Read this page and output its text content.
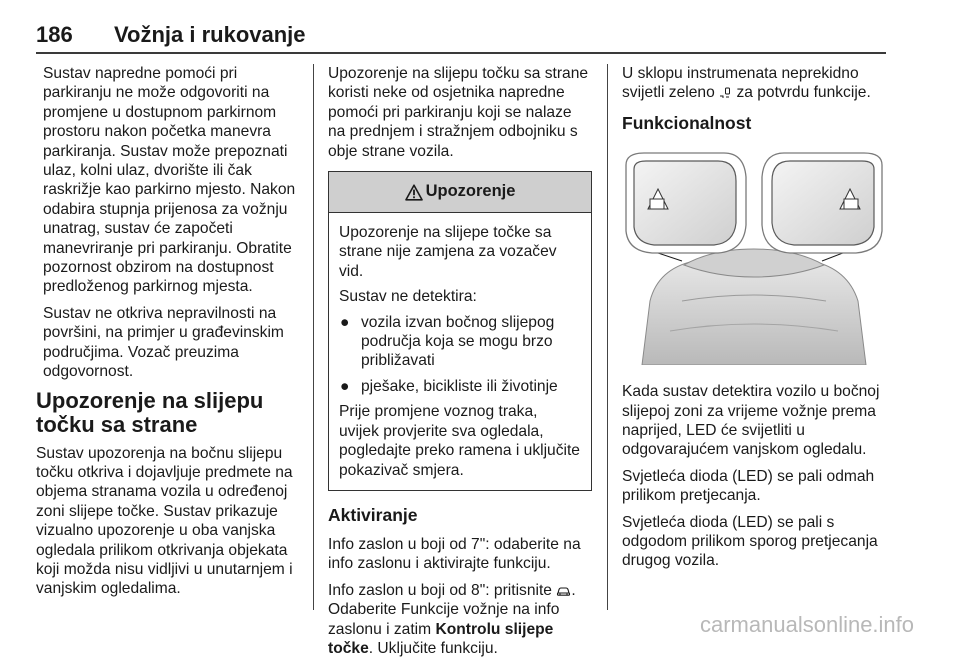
186 Vožnja i rukovanje

Sustav napredne pomoći pri parkiranju ne može odgovoriti na promjene u dostupnom parkirnom prostoru nakon početka manevra parkiranja. Sustav može prepoznati ulaz, kolni ulaz, dvorište ili čak raskrižje kao parkirno mjesto. Nakon odabira stupnja prijenosa za vožnju unatrag, sustav će započeti manevriranje pri parkiranju. Obratite pozornost obzirom na dostupnost predloženog parkirnog mjesta.

Sustav ne otkriva nepravilnosti na površini, na primjer u građevinskim područjima. Vozač preuzima odgovornost.

Upozorenje na slijepu točku sa strane

Sustav upozorenja na bočnu slijepu točku otkriva i dojavljuje predmete na objema stranama vozila u određenoj zoni slijepe točke. Sustav prikazuje vizualno upozorenje u oba vanjska ogledala prilikom otkrivanja objekata koji možda nisu vidljivi u unutarnjem i vanjskim ogledalima.

Upozorenje na slijepu točku sa strane koristi neke od osjetnika napredne pomoći pri parkiranju koji se nalaze na prednjem i stražnjem odbojniku s obje strane vozila.

Upozorenje

Upozorenje na slijepe točke sa strane nije zamjena za vozačev vid.

Sustav ne detektira:

● vozila izvan bočnog slijepog područja koja se mogu brzo približavati
● pješake, bicikliste ili životinje

Prije promjene voznog traka, uvijek provjerite sva ogledala, pogledajte preko ramena i uključite pokazivač smjera.

Aktiviranje

Info zaslon u boji od 7": odaberite na info zaslonu i aktivirajte funkciju.

Info zaslon u boji od 8": pritisnite . Odaberite Funkcije vožnje na info zaslonu i zatim Kontrolu slijepe točke. Uključite funkciju.

U sklopu instrumenata neprekidno svijetli zeleno za potvrdu funkcije.

Funkcionalnost

Kada sustav detektira vozilo u bočnoj slijepoj zoni za vrijeme vožnje prema naprijed, LED će svijetliti u odgovarajućem vanjskom ogledalu.

Svjetleća dioda (LED) se pali odmah prilikom pretjecanja.

Svjetleća dioda (LED) se pali s odgodom prilikom sporog pretjecanja drugog vozila.

carmanualsonline.info
